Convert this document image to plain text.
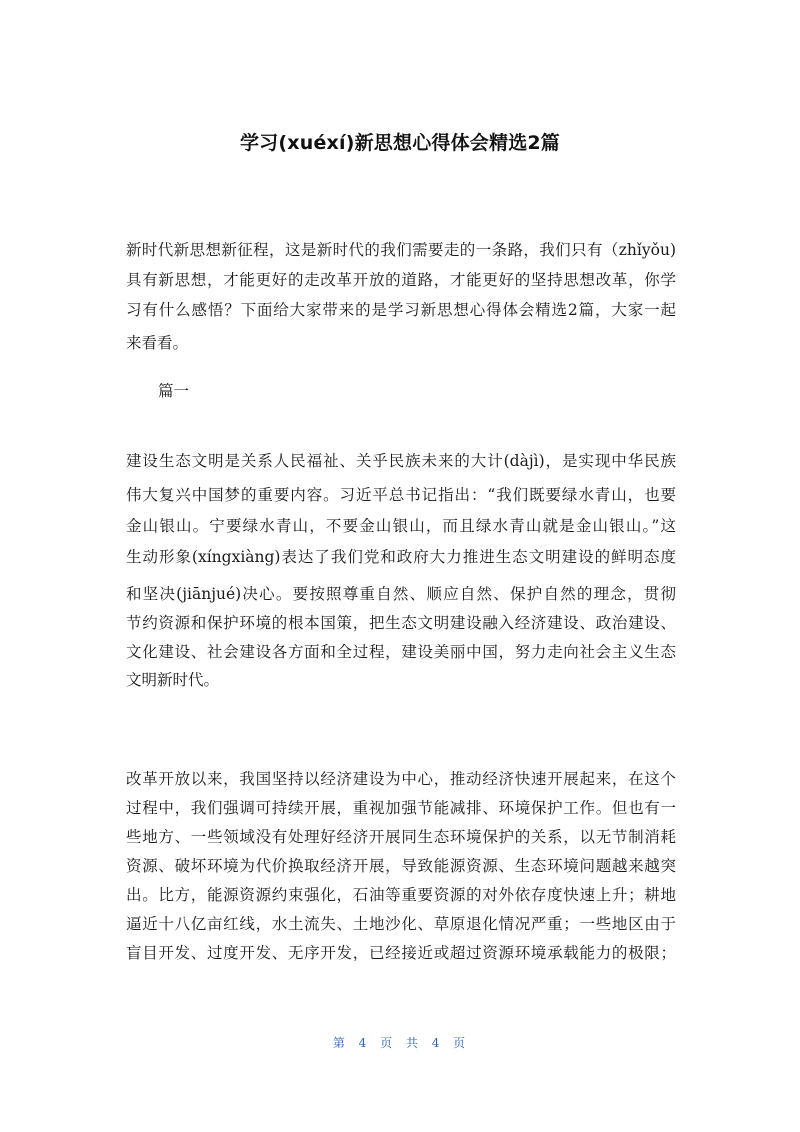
学习(xuéxí)新思想心得体会精选2篇
新时代新思想新征程，这是新时代的我们需要走的一条路，我们只有（zhǐyǒu)
具有新思想，才能更好的走改革开放的道路，才能更好的坚持思想改革，你学
习有什么感悟？下面给大家带来的是学习新思想心得体会精选2篇，大家一起
来看看。
篇一
建设生态文明是关系人民福祉、关乎民族未来的大计(dàjì)，是实现中华民族
伟大复兴中国梦的重要内容。习近平总书记指出：“我们既要绿水青山，也要
金山银山。宁要绿水青山，不要金山银山，而且绿水青山就是金山银山。”这
生动形象(xíngxiàng)表达了我们党和政府大力推进生态文明建设的鲜明态度
和坚决(jiānjué)决心。要按照尊重自然、顺应自然、保护自然的理念，贯彻
节约资源和保护环境的根本国策，把生态文明建设融入经济建设、政治建设、
文化建设、社会建设各方面和全过程，建设美丽中国，努力走向社会主义生态
文明新时代。
改革开放以来，我国坚持以经济建设为中心，推动经济快速开展起来，在这个
过程中，我们强调可持续开展，重视加强节能减排、环境保护工作。但也有一
些地方、一些领域没有处理好经济开展同生态环境保护的关系，以无节制消耗
资源、破坏环境为代价换取经济开展，导致能源资源、生态环境问题越来越突
出。比方，能源资源约束强化，石油等重要资源的对外依存度快速上升；耕地
逼近十八亿亩红线，水土流失、土地沙化、草原退化情况严重；一些地区由于
盲目开发、过度开发、无序开发，已经接近或超过资源环境承载能力的极限；
第 4 页 共 4 页
